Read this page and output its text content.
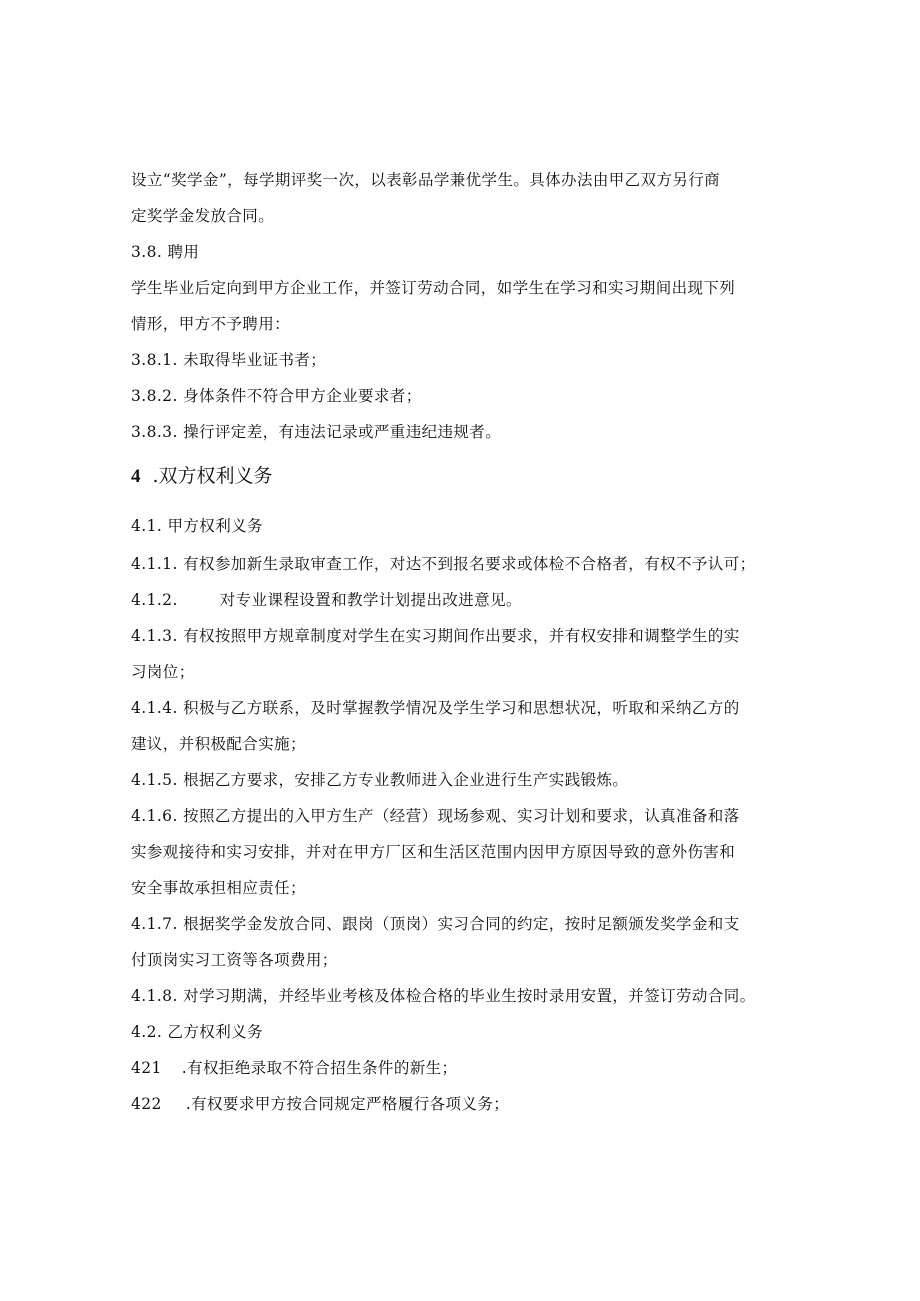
设立“奖学金”，每学期评奖一次，以表彰品学兼优学生。具体办法由甲乙双方另行商
定奖学金发放合同。
3.8. 聘用
学生毕业后定向到甲方企业工作，并签订劳动合同，如学生在学习和实习期间出现下列
情形，甲方不予聘用：
3.8.1. 未取得毕业证书者；
3.8.2. 身体条件不符合甲方企业要求者；
3.8.3. 操行评定差，有违法记录或严重违纪违规者。
4 .双方权利义务
4.1. 甲方权利义务
4.1.1. 有权参加新生录取审查工作，对达不到报名要求或体检不合格者，有权不予认可；
4.1.2.	对专业课程设置和教学计划提出改进意见。
4.1.3. 有权按照甲方规章制度对学生在实习期间作出要求，并有权安排和调整学生的实
习岗位；
4.1.4. 积极与乙方联系，及时掌握教学情况及学生学习和思想状况，听取和采纳乙方的
建议，并积极配合实施；
4.1.5. 根据乙方要求，安排乙方专业教师进入企业进行生产实践锻炼。
4.1.6. 按照乙方提出的入甲方生产（经营）现场参观、实习计划和要求，认真准备和落
实参观接待和实习安排，并对在甲方厂区和生活区范围内因甲方原因导致的意外伤害和
安全事故承担相应责任；
4.1.7. 根据奖学金发放合同、跟岗（顶岗）实习合同的约定，按时足额颁发奖学金和支
付顶岗实习工资等各项费用；
4.1.8. 对学习期满，并经毕业考核及体检合格的毕业生按时录用安置，并签订劳动合同。
4.2. 乙方权利义务
421 .有权拒绝录取不符合招生条件的新生；
422 .有权要求甲方按合同规定严格履行各项义务；
